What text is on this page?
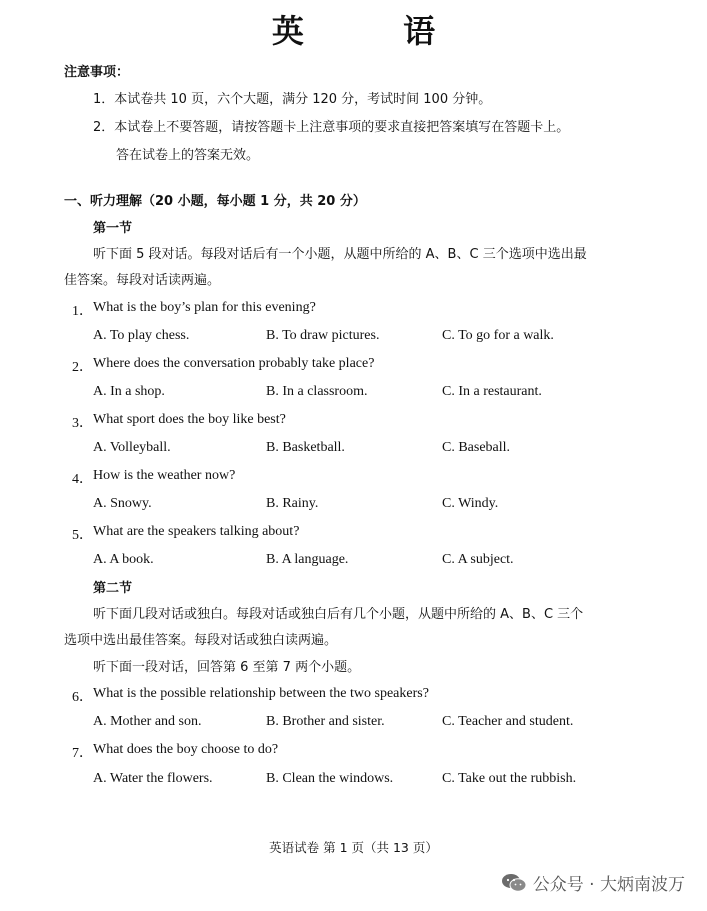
英 语
注意事项：
1．本试卷共 10 页，六个大题，满分 120 分，考试时间 100 分钟。
2．本试卷上不要答题，请按答题卡上注意事项的要求直接把答案填写在答题卡上。
答在试卷上的答案无效。
一、听力理解（20 小题，每小题 1 分，共 20 分）
第一节
听下面 5 段对话。每段对话后有一个小题，从题中所给的 A、B、C 三个选项中选出最
佳答案。每段对话读两遍。
1． What is the boy’s plan for this evening?
A. To play chess.	B. To draw pictures.	C. To go for a walk.
2． Where does the conversation probably take place?
A. In a shop.	B. In a classroom.	C. In a restaurant.
3． What sport does the boy like best?
A. Volleyball.	B. Basketball.	C. Baseball.
4． How is the weather now?
A. Snowy.	B. Rainy.	C. Windy.
5． What are the speakers talking about?
A. A book.	B. A language.	C. A subject.
第二节
听下面几段对话或独白。每段对话或独白后有几个小题，从题中所给的 A、B、C 三个
选项中选出最佳答案。每段对话或独白读两遍。
听下面一段对话，回答第 6 至第 7 两个小题。
6． What is the possible relationship between the two speakers?
A. Mother and son.	B. Brother and sister.	C. Teacher and student.
7． What does the boy choose to do?
A. Water the flowers.	B. Clean the windows.	C. Take out the rubbish.
英语试卷 第 1 页（共 13 页）
公众号 · 大炳南波万
